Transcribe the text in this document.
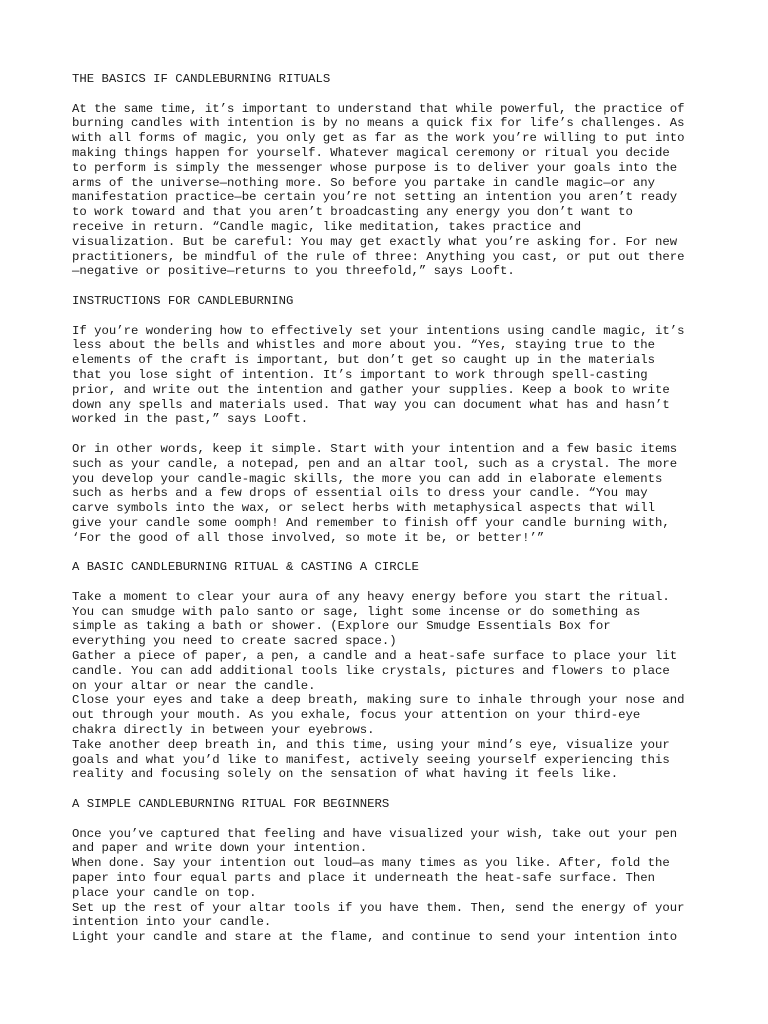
THE BASICS IF CANDLEBURNING RITUALS
At the same time, it’s important to understand that while powerful, the practice of
burning candles with intention is by no means a quick fix for life’s challenges. As
with all forms of magic, you only get as far as the work you’re willing to put into
making things happen for yourself. Whatever magical ceremony or ritual you decide
to perform is simply the messenger whose purpose is to deliver your goals into the
arms of the universe—nothing more. So before you partake in candle magic—or any
manifestation practice—be certain you’re not setting an intention you aren’t ready
to work toward and that you aren’t broadcasting any energy you don’t want to
receive in return. “Candle magic, like meditation, takes practice and
visualization. But be careful: You may get exactly what you’re asking for. For new
practitioners, be mindful of the rule of three: Anything you cast, or put out there
—negative or positive—returns to you threefold,” says Looft.
INSTRUCTIONS FOR CANDLEBURNING
If you’re wondering how to effectively set your intentions using candle magic, it’s
less about the bells and whistles and more about you. “Yes, staying true to the
elements of the craft is important, but don’t get so caught up in the materials
that you lose sight of intention. It’s important to work through spell-casting
prior, and write out the intention and gather your supplies. Keep a book to write
down any spells and materials used. That way you can document what has and hasn’t
worked in the past,” says Looft.
Or in other words, keep it simple. Start with your intention and a few basic items
such as your candle, a notepad, pen and an altar tool, such as a crystal. The more
you develop your candle-magic skills, the more you can add in elaborate elements
such as herbs and a few drops of essential oils to dress your candle. “You may
carve symbols into the wax, or select herbs with metaphysical aspects that will
give your candle some oomph! And remember to finish off your candle burning with,
‘For the good of all those involved, so mote it be, or better!’”
A BASIC CANDLEBURNING RITUAL & CASTING A CIRCLE
Take a moment to clear your aura of any heavy energy before you start the ritual.
You can smudge with palo santo or sage, light some incense or do something as
simple as taking a bath or shower. (Explore our Smudge Essentials Box for
everything you need to create sacred space.)
Gather a piece of paper, a pen, a candle and a heat-safe surface to place your lit
candle. You can add additional tools like crystals, pictures and flowers to place
on your altar or near the candle.
Close your eyes and take a deep breath, making sure to inhale through your nose and
out through your mouth. As you exhale, focus your attention on your third-eye
chakra directly in between your eyebrows.
Take another deep breath in, and this time, using your mind’s eye, visualize your
goals and what you’d like to manifest, actively seeing yourself experiencing this
reality and focusing solely on the sensation of what having it feels like.
A SIMPLE CANDLEBURNING RITUAL FOR BEGINNERS
Once you’ve captured that feeling and have visualized your wish, take out your pen
and paper and write down your intention.
When done. Say your intention out loud—as many times as you like. After, fold the
paper into four equal parts and place it underneath the heat-safe surface. Then
place your candle on top.
Set up the rest of your altar tools if you have them. Then, send the energy of your
intention into your candle.
Light your candle and stare at the flame, and continue to send your intention into
